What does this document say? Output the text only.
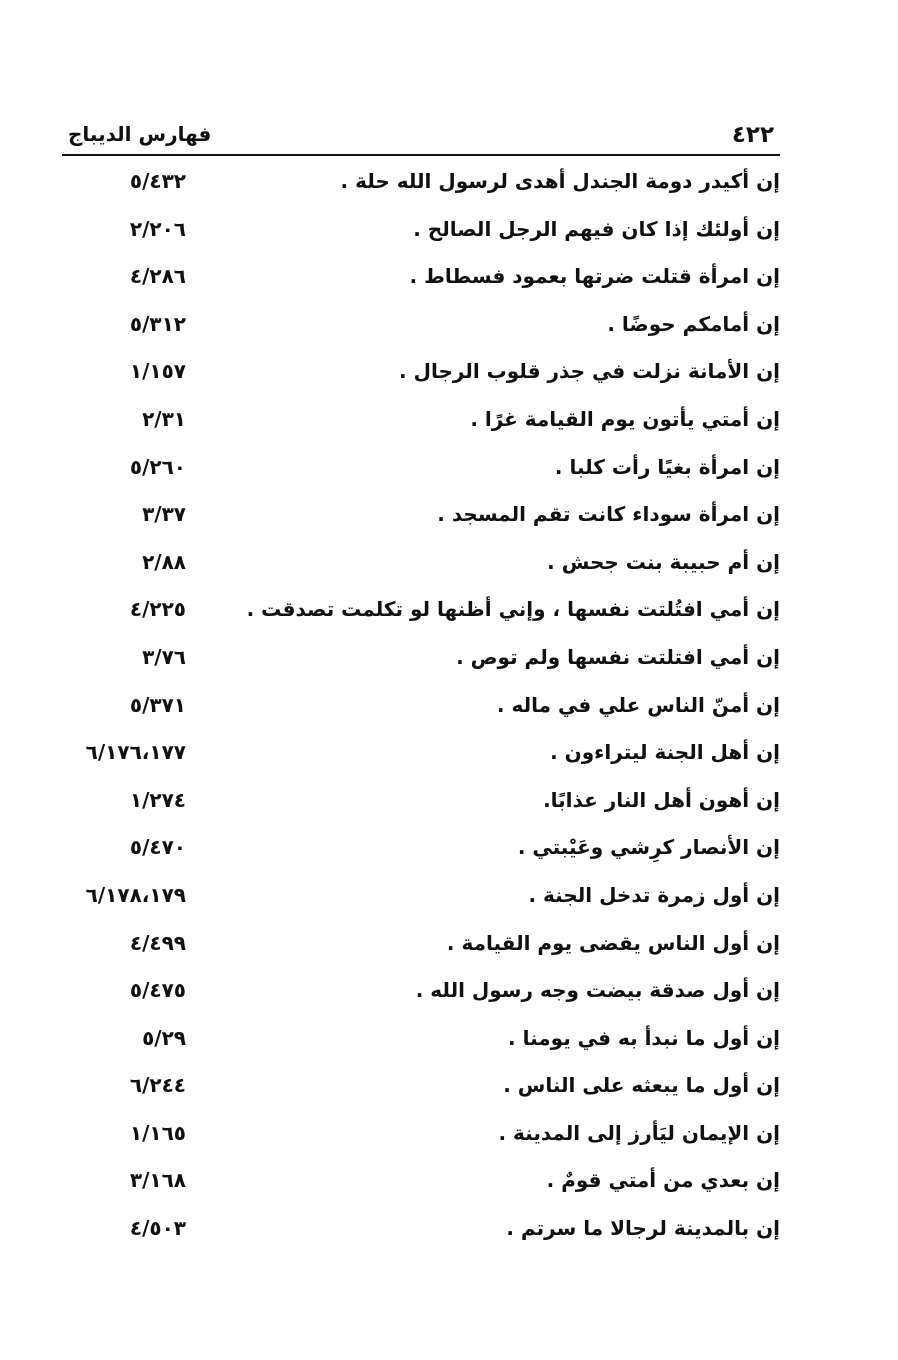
٤٢٢
فهارس الديباج
إن أكيدر دومة الجندل أهدى لرسول الله حلة .
٥/٤٣٢
إن أولئك إذا كان فيهم الرجل الصالح .
٢/٢٠٦
إن امرأة قتلت ضرتها بعمود فسطاط .
٤/٢٨٦
إن أمامكم حوضًا .
٥/٣١٢
إن الأمانة نزلت في جذر قلوب الرجال .
١/١٥٧
إن أمتي يأتون يوم القيامة غرًا .
٢/٣١
إن امرأة بغيًا رأت كلبا .
٥/٢٦٠
إن امرأة سوداء كانت تقم المسجد .
٣/٣٧
إن أم حبيبة بنت جحش .
٢/٨٨
إن أمي افتُلتت نفسها ، وإني أظنها لو تكلمت تصدقت .
٤/٢٢٥
إن أمي افتلتت نفسها ولم توص .
٣/٧٦
إن أمنّ الناس علي في ماله .
٥/٣٧١
إن أهل الجنة ليتراءون .
٦/١٧٦،١٧٧
إن أهون أهل النار عذابًا.
١/٢٧٤
إن الأنصار كرِشي وعَيْبتي .
٥/٤٧٠
إن أول زمرة تدخل الجنة .
٦/١٧٨،١٧٩
إن أول الناس يقضى يوم القيامة .
٤/٤٩٩
إن أول صدقة بيضت وجه رسول الله .
٥/٤٧٥
إن أول ما نبدأ به في يومنا .
٥/٢٩
إن أول ما يبعثه على الناس .
٦/٢٤٤
إن الإيمان ليَأرز إلى المدينة .
١/١٦٥
إن بعدي من أمتي قومٌ .
٣/١٦٨
إن بالمدينة لرجالا ما سرتم .
٤/٥٠٣
